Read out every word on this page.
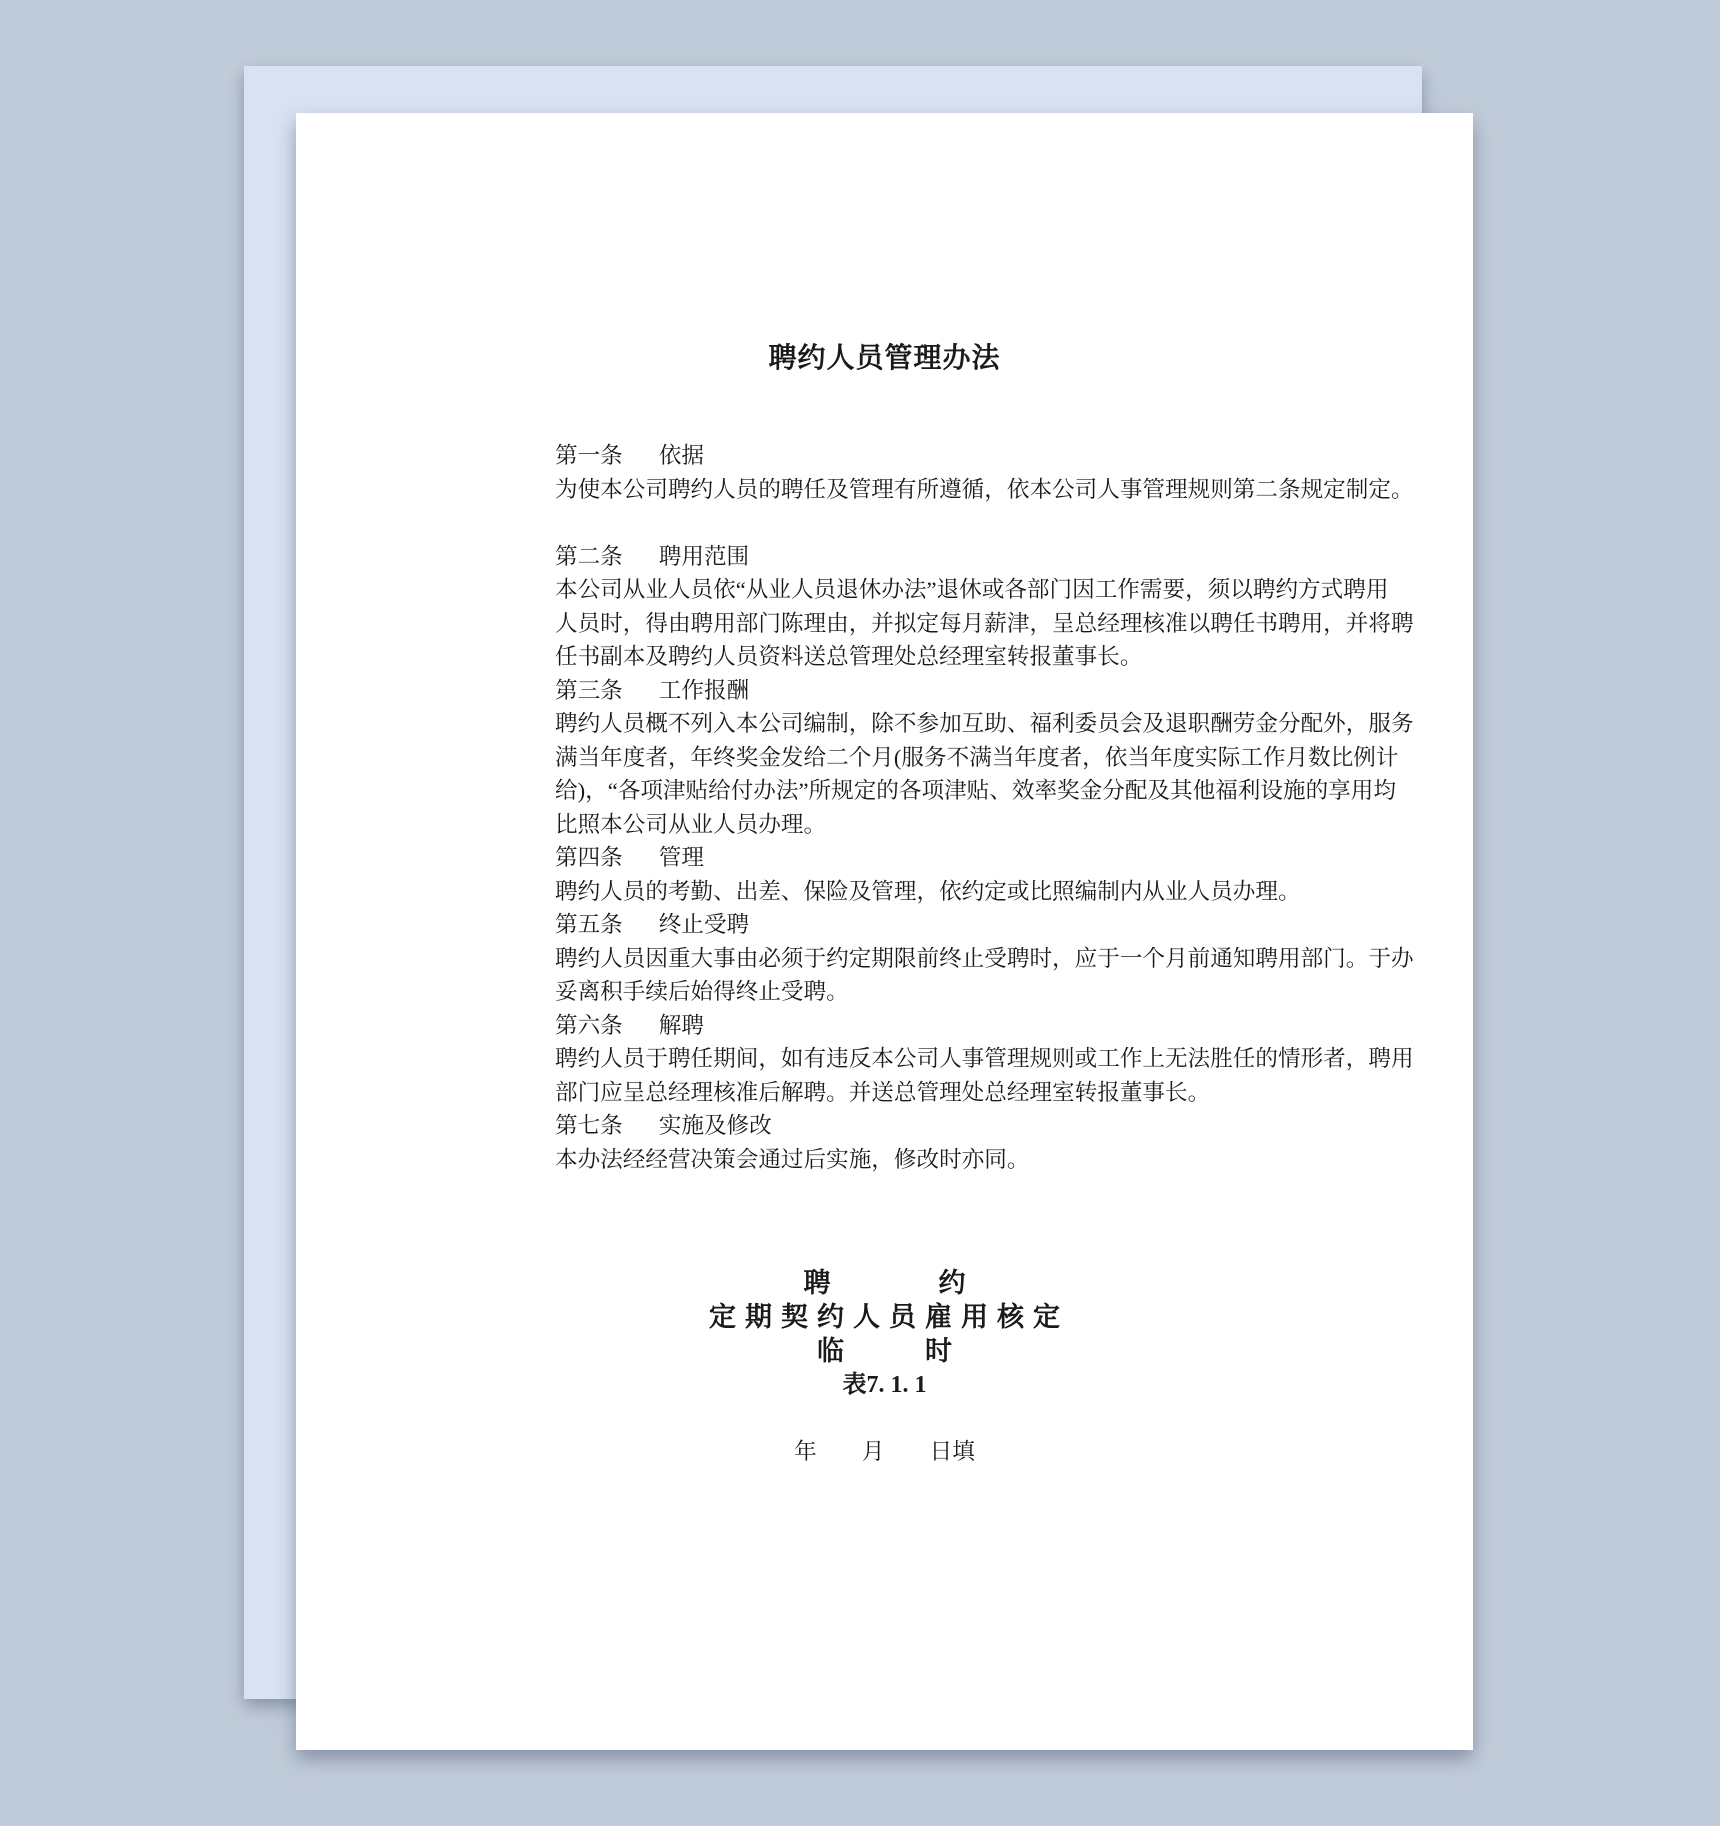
聘约人员管理办法
第一条 依据
为使本公司聘约人员的聘任及管理有所遵循，依本公司人事管理规则第二条规定制定。
第二条 聘用范围
本公司从业人员依“从业人员退休办法”退休或各部门因工作需要，须以聘约方式聘用
人员时，得由聘用部门陈理由，并拟定每月薪津，呈总经理核准以聘任书聘用，并将聘
任书副本及聘约人员资料送总管理处总经理室转报董事长。
第三条 工作报酬
聘约人员概不列入本公司编制，除不参加互助、福利委员会及退职酬劳金分配外，服务
满当年度者，年终奖金发给二个月(服务不满当年度者，依当年度实际工作月数比例计
给)，“各项津贴给付办法”所规定的各项津贴、效率奖金分配及其他福利设施的享用均
比照本公司从业人员办理。
第四条 管理
聘约人员的考勤、出差、保险及管理，依约定或比照编制内从业人员办理。
第五条 终止受聘
聘约人员因重大事由必须于约定期限前终止受聘时，应于一个月前通知聘用部门。于办
妥离积手续后始得终止受聘。
第六条 解聘
聘约人员于聘任期间，如有违反本公司人事管理规则或工作上无法胜任的情形者，聘用
部门应呈总经理核准后解聘。并送总管理处总经理室转报董事长。
第七条 实施及修改
本办法经经营决策会通过后实施，修改时亦同。
聘　　　　约
定期契约人员雇用核定
临　　　时
表7. 1. 1
年　　月　　日填
